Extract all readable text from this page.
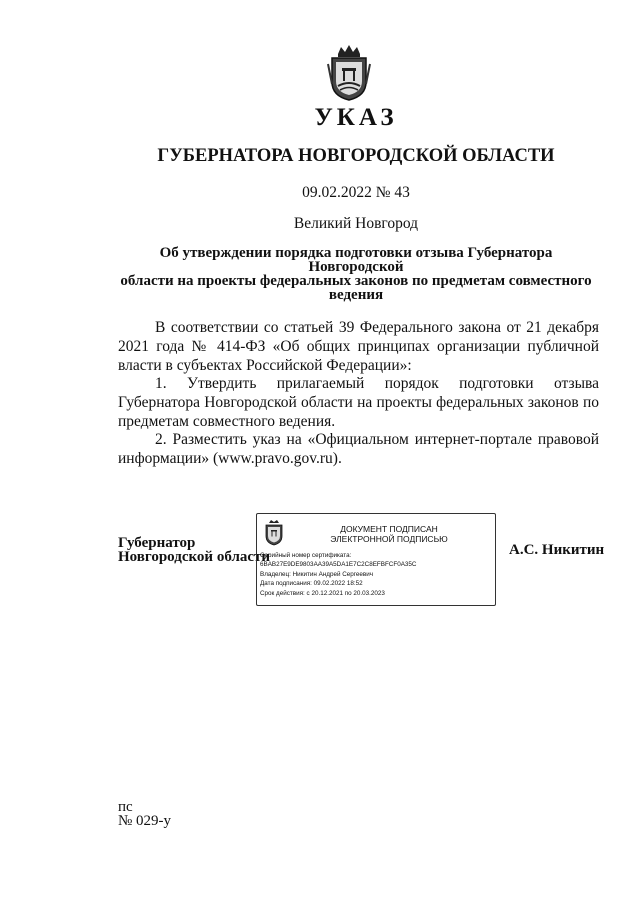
УКАЗ
ГУБЕРНАТОРА НОВГОРОДСКОЙ ОБЛАСТИ
09.02.2022 № 43
Великий Новгород
Об утверждении порядка подготовки отзыва Губернатора Новгородской
области на проекты федеральных законов по предметам совместного
ведения

В соответствии со статьей 39 Федерального закона от 21 декабря 2021 года № 414-ФЗ «Об общих принципах организации публичной власти в субъектах Российской Федерации»:

1. Утвердить прилагаемый порядок подготовки отзыва Губернатора Новгородской области на проекты федеральных законов по предметам совместного ведения.

2. Разместить указ на «Официальном интернет-портале правовой информации» (www.pravo.gov.ru).

Губернатор
Новгородской области
ДОКУМЕНТ ПОДПИСАН
ЭЛЕКТРОННОЙ ПОДПИСЬЮ
Серийный номер сертификата:
6BAB27E9DE9803AA39A5DA1E7C2C8EFBFCF0A35C
Владелец: Никитин Андрей Сергеевич
Дата подписания: 09.02.2022 18:52
Срок действия: с 20.12.2021 по 20.03.2023
А.С. Никитин
пс
№ 029-у
